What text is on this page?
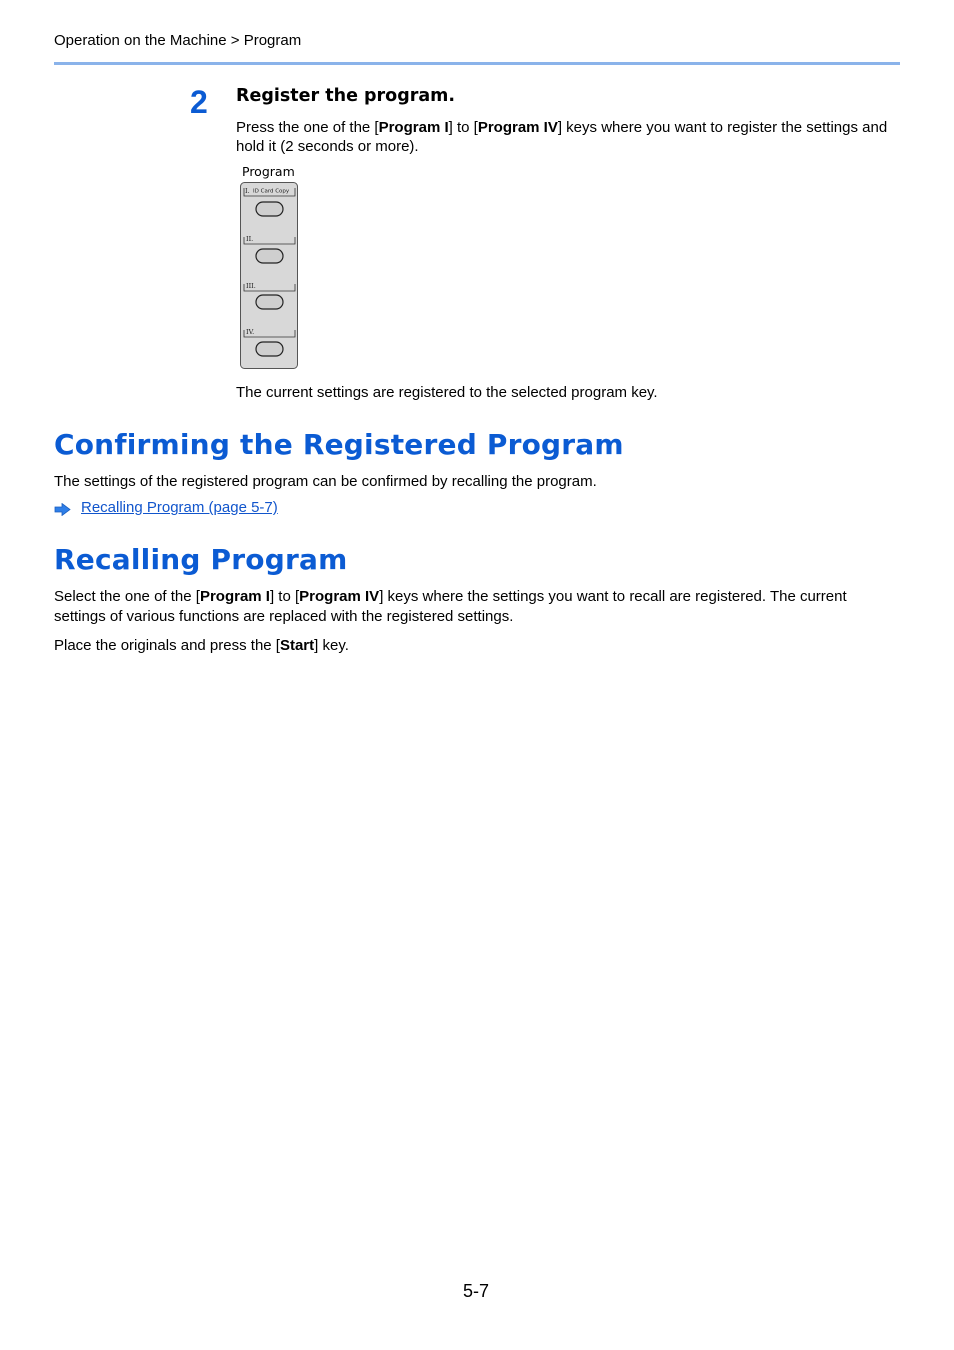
Operation on the Machine > Program
2 Register the program.
Press the one of the [Program I] to [Program IV] keys where you want to register the settings and hold it (2 seconds or more).
Program
I. ID Card Copy
II.
III.
IV.
The current settings are registered to the selected program key.
Confirming the Registered Program
The settings of the registered program can be confirmed by recalling the program.
Recalling Program (page 5-7)
Recalling Program
Select the one of the [Program I] to [Program IV] keys where the settings you want to recall are registered. The current settings of various functions are replaced with the registered settings.
Place the originals and press the [Start] key.
5-7
